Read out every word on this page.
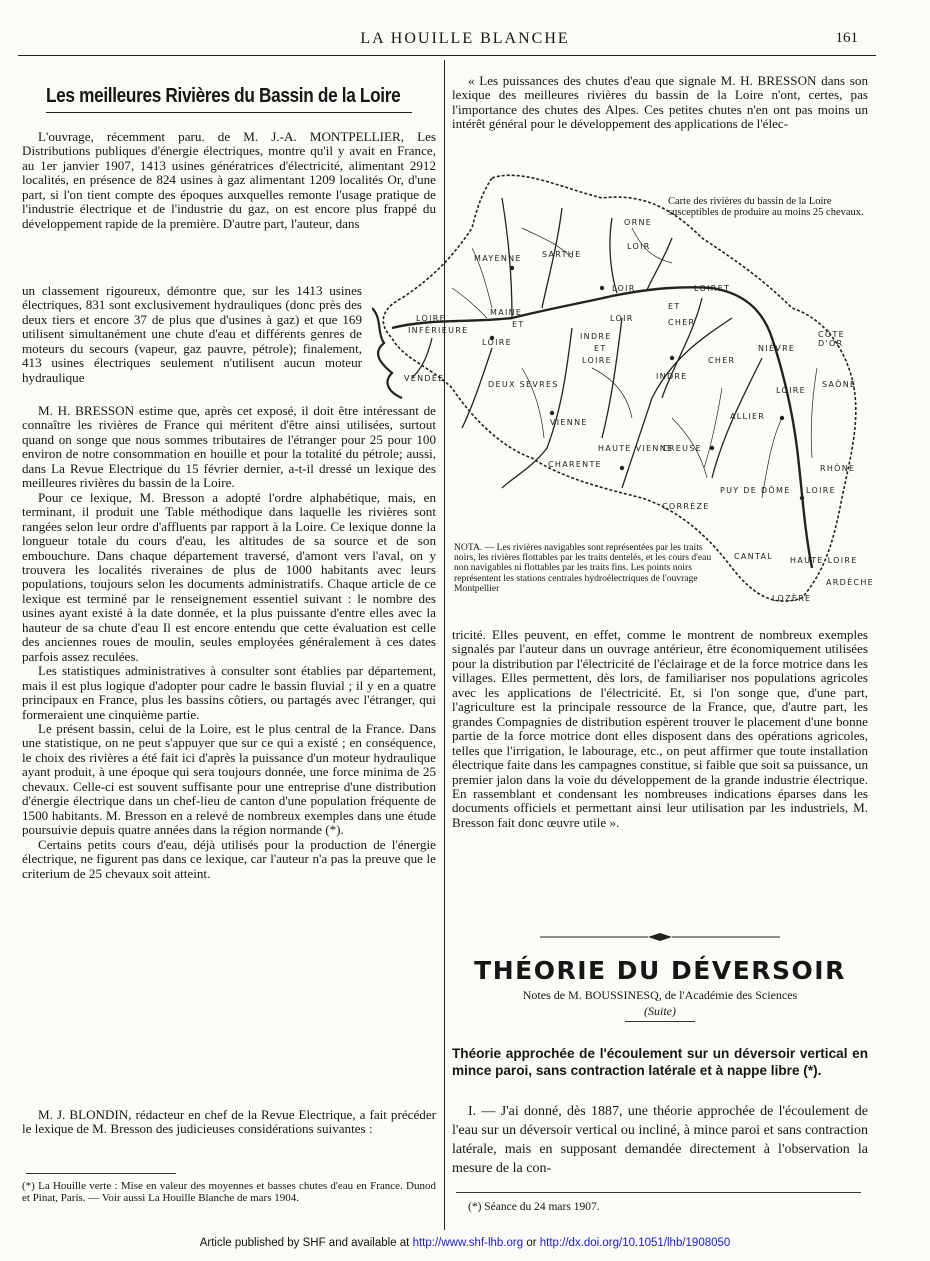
LA HOUILLE BLANCHE	161
Les meilleures Rivières du Bassin de la Loire

L'ouvrage, récemment paru. de M. J.-A. MONTPELLIER, Les Distributions publiques d'énergie électriques, montre qu'il y avait en France, au 1er janvier 1907, 1413 usines génératrices d'électricité, alimentant 2912 localités, en présence de 824 usines à gaz alimentant 1209 localités Or, d'une part, si l'on tient compte des époques auxquelles remonte l'usage pratique de l'industrie électrique et de l'industrie du gaz, on est encore plus frappé du développement rapide de la première. D'autre part, l'auteur, dans

un classement rigoureux, démontre que, sur les 1413 usines électriques, 831 sont exclusivement hydrauliques (donc près des deux tiers et encore 37 de plus que d'usines à gaz) et que 169 utilisent simultanément une chute d'eau et différents genres de moteurs du secours (vapeur, gaz pauvre, pétrole); finalement, 413 usines électriques seulement n'utilisent aucun moteur hydraulique

M. H. BRESSON estime que, après cet exposé, il doit être intéressant de connaître les rivières de France qui méritent d'être ainsi utilisées, surtout quand on songe que nous sommes tributaires de l'étranger pour 25 pour 100 environ de notre consommation en houille et pour la totalité du pétrole; aussi, dans La Revue Electrique du 15 février dernier, a-t-il dressé un lexique des meilleures rivières du bassin de la Loire.

Pour ce lexique, M. Bresson a adopté l'ordre alphabétique, mais, en terminant, il produit une Table méthodique dans laquelle les rivières sont rangées selon leur ordre d'affluents par rapport à la Loire. Ce lexique donne la longueur totale du cours d'eau, les altitudes de sa source et de son embouchure. Dans chaque département traversé, d'amont vers l'aval, on y trouvera les localités riveraines de plus de 1000 habitants avec leurs populations, toujours selon les documents administratifs. Chaque article de ce lexique est terminé par le renseignement essentiel suivant : le nombre des usines ayant existé à la date donnée, et la plus puissante d'entre elles avec la hauteur de sa chute d'eau Il est encore entendu que cette évaluation est celle des anciennes roues de moulin, seules employées généralement à ces dates parfois assez reculées.

Les statistiques administratives à consulter sont établies par département, mais il est plus logique d'adopter pour cadre le bassin fluvial ; il y en a quatre principaux en France, plus les bassins côtiers, ou partagés avec l'étranger, qui formeraient une cinquième partie.

Le présent bassin, celui de la Loire, est le plus central de la France. Dans une statistique, on ne peut s'appuyer que sur ce qui a existé ; en conséquence, le choix des rivières a été fait ici d'après la puissance d'un moteur hydraulique ayant produit, à une époque qui sera toujours donnée, une force minima de 25 chevaux. Celle-ci est souvent suffisante pour une entreprise d'une distribution d'énergie électrique dans un chef-lieu de canton d'une population fréquente de 1500 habitants. M. Bresson en a relevé de nombreux exemples dans une étude poursuivie depuis quatre années dans la région normande (*).

Certains petits cours d'eau, déjà utilisés pour la production de l'énergie électrique, ne figurent pas dans ce lexique, car l'auteur n'a pas la preuve que le criterium de 25 chevaux soit atteint.

M. J. BLONDIN, rédacteur en chef de la Revue Electrique, a fait précéder le lexique de M. Bresson des judicieuses considérations suivantes :

(*) La Houille verte : Mise en valeur des moyennes et basses chutes d'eau en France. Dunod et Pinat, Paris. — Voir aussi La Houille Blanche de mars 1904.

« Les puissances des chutes d'eau que signale M. H. BRESSON dans son lexique des meilleures rivières du bassin de la Loire n'ont, certes, pas l'importance des chutes des Alpes. Ces petites chutes n'en ont pas moins un intérêt général pour le développement des applications de l'élec-

ORNE
LOIR
MAYENNE	SARTHE
LOIR	LOIRET
LOIRE
INFÉRIEURE
MAINE
ET
LOIRE
LOIR
ET
CHER
INDRE
ET
LOIRE
NIÈVRE
CÔTE D'OR
CHER
SAÔNE
VENDÉE
DEUX SÈVRES
INDRE
ALLIER
LOIRE
RHÔNE
VIENNE
HAUTE VIENNE
CREUSE
CHARENTE
PUY DE DÔME LOIRE
CORRÈZE
CANTAL HAUTE LOIRE
ARDÈCHE
LOZÈRE
Carte des rivières du bassin de la Loire susceptibles de produire au moins 25 chevaux.
NOTA. — Les rivières navigables sont représentées par les traits noirs, les rivières flottables par les traits dentelés, et les cours d'eau non navigables ni flottables par les traits fins. Les points noirs représentent les stations centrales hydroélectriques de l'ouvrage Montpellier

tricité. Elles peuvent, en effet, comme le montrent de nombreux exemples signalés par l'auteur dans un ouvrage antérieur, être économiquement utilisées pour la distribution par l'électricité de l'éclairage et de la force motrice dans les villages. Elles permettent, dès lors, de familiariser nos populations agricoles avec les applications de l'électricité. Et, si l'on songe que, d'une part, l'agriculture est la principale ressource de la France, que, d'autre part, les grandes Compagnies de distribution espèrent trouver le placement d'une bonne partie de la force motrice dont elles disposent dans des opérations agricoles, telles que l'irrigation, le labourage, etc., on peut affirmer que toute installation électrique faite dans les campagnes constitue, si faible que soit sa puissance, un premier jalon dans la voie du développement de la grande industrie électrique. En rassemblant et condensant les nombreuses indications éparses dans les documents officiels et permettant ainsi leur utilisation par les industriels, M. Bresson fait donc œuvre utile ».

THÉORIE DU DÉVERSOIR
Notes de M. BOUSSINESQ, de l'Académie des Sciences
(Suite)
Théorie approchée de l'écoulement sur un déversoir vertical en mince paroi, sans contraction latérale et à nappe libre (*).

I. — J'ai donné, dès 1887, une théorie approchée de l'écoulement de l'eau sur un déversoir vertical ou incliné, à mince paroi et sans contraction latérale, mais en supposant demandée directement à l'observation la mesure de la con-

(*) Séance du 24 mars 1907.
Article published by SHF and available at http://www.shf-lhb.org or http://dx.doi.org/10.1051/lhb/1908050
